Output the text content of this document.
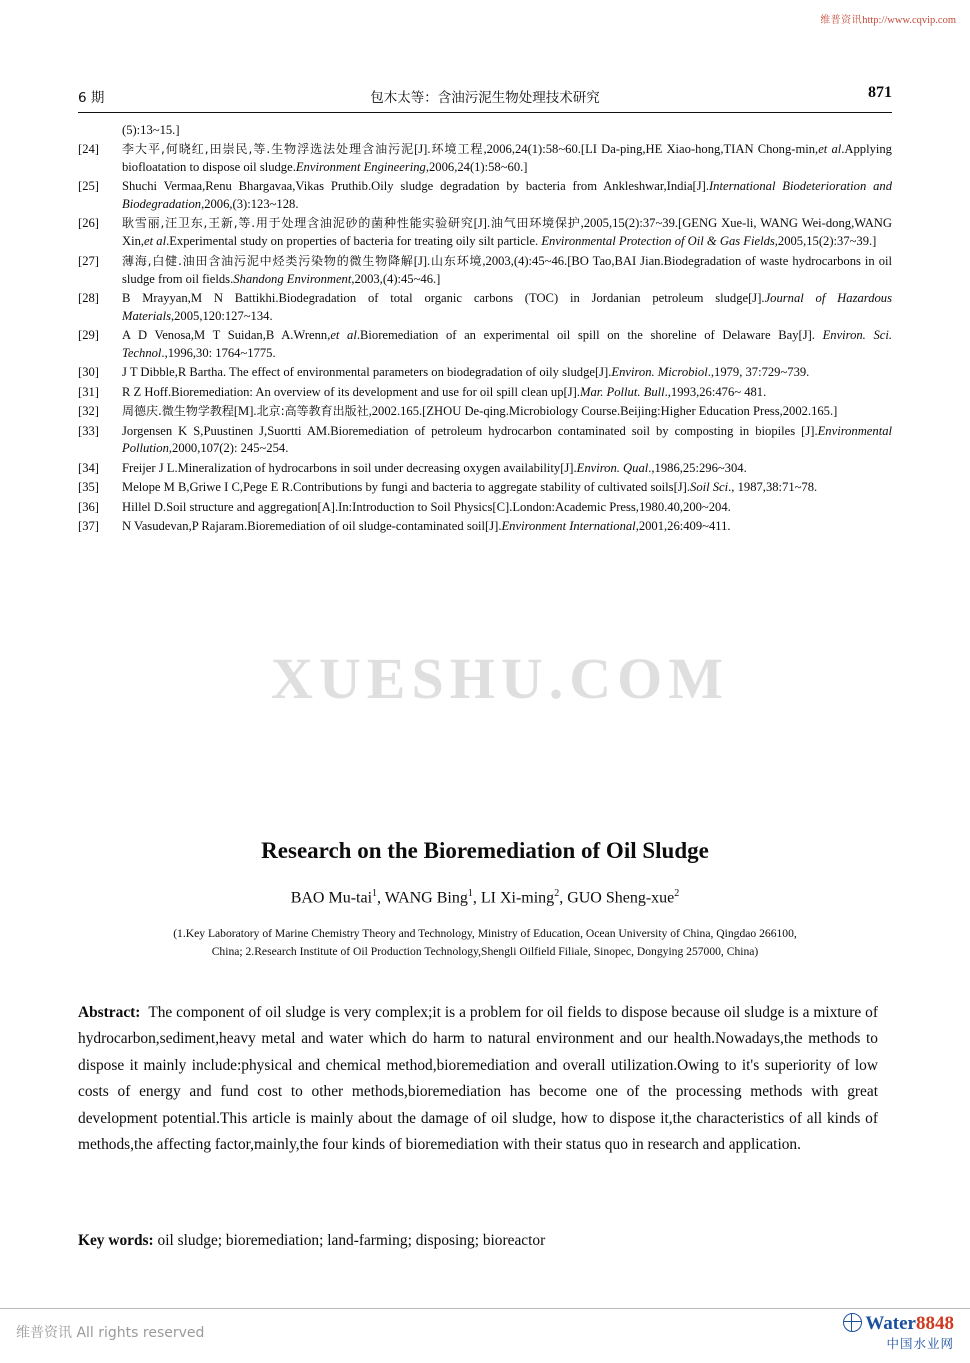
维普资讯http://www.cqvip.com
6 期	包木太等：含油污泥生物处理技术研究	871
(5):13~15.]
[24]	李大平,何晓红,田崇民,等.生物浮选法处理含油污泥[J].环境工程,2006,24(1):58~60.[LI Da-ping,HE Xiao-hong,TIAN Chong-min,et al.Applying biofloatation to dispose oil sludge.Environment Engineering,2006,24(1):58~60.]
[25]	Shuchi Vermaa,Renu Bhargavaa,Vikas Pruthib.Oily sludge degradation by bacteria from Ankleshwar,India[J].International Biodeterioration and Biodegradation,2006,(3):123~128.
[26]	耿雪丽,汪卫东,王新,等.用于处理含油泥砂的菌种性能实验研究[J].油气田环境保护,2005,15(2):37~39.[GENG Xue-li, WANG Wei-dong,WANG Xin,et al.Experimental study on properties of bacteria for treating oily silt particle. Environmental Protection of Oil & Gas Fields,2005,15(2):37~39.]
[27]	薄海,白健.油田含油污泥中烃类污染物的微生物降解[J].山东环境,2003,(4):45~46.[BO Tao,BAI Jian.Biodegradation of waste hydrocarbons in oil sludge from oil fields.Shandong Environment,2003,(4):45~46.]
[28]	B Mrayyan,M N Battikhi.Biodegradation of total organic carbons (TOC) in Jordanian petroleum sludge[J].Journal of Hazardous Materials,2005,120:127~134.
[29]	A D Venosa,M T Suidan,B A.Wrenn,et al.Bioremediation of an experimental oil spill on the shoreline of Delaware Bay[J]. Environ. Sci. Technol.,1996,30: 1764~1775.
[30]	J T Dibble,R Bartha. The effect of environmental parameters on biodegradation of oily sludge[J].Environ. Microbiol.,1979, 37:729~739.
[31]	R Z Hoff.Bioremediation: An overview of its development and use for oil spill clean up[J].Mar. Pollut. Bull.,1993,26:476~ 481.
[32]	周德庆.微生物学教程[M].北京:高等教育出版社,2002.165.[ZHOU De-qing.Microbiology Course.Beijing:Higher Education Press,2002.165.]
[33]	Jorgensen K S,Puustinen J,Suortti AM.Bioremediation of petroleum hydrocarbon contaminated soil by composting in biopiles [J].Environmental Pollution,2000,107(2): 245~254.
[34]	Freijer J L.Mineralization of hydrocarbons in soil under decreasing oxygen availability[J].Environ. Qual.,1986,25:296~304.
[35]	Melope M B,Griwe I C,Pege E R.Contributions by fungi and bacteria to aggregate stability of cultivated soils[J].Soil Sci., 1987,38:71~78.
[36]	Hillel D.Soil structure and aggregation[A].In:Introduction to Soil Physics[C].London:Academic Press,1980.40,200~204.
[37]	N Vasudevan,P Rajaram.Bioremediation of oil sludge-contaminated soil[J].Environment International,2001,26:409~411.
XUESHU.COM
Research on the Bioremediation of Oil Sludge
BAO Mu-tai$^1$, WANG Bing$^1$, LI Xi-ming$^2$, GUO Sheng-xue$^2$
(1.Key Laboratory of Marine Chemistry Theory and Technology, Ministry of Education, Ocean University of China, Qingdao 266100,
China; 2.Research Institute of Oil Production Technology,Shengli Oilfield Filiale, Sinopec, Dongying 257000, China)
Abstract: The component of oil sludge is very complex;it is a problem for oil fields to dispose because oil sludge is a mixture of hydrocarbon,sediment,heavy metal and water which do harm to natural environment and our health.Nowadays,the methods to dispose it mainly include:physical and chemical method,bioremediation and overall utilization.Owing to it's superiority of low costs of energy and fund cost to other methods,bioremediation has become one of the processing methods with great development potential.This article is mainly about the damage of oil sludge, how to dispose it,the characteristics of all kinds of methods,the affecting factor,mainly,the four kinds of bioremediation with their status quo in research and application.
Key words: oil sludge; bioremediation; land-farming; disposing; bioreactor
维普资讯 All rights reserved	Water8848
中国水业网
